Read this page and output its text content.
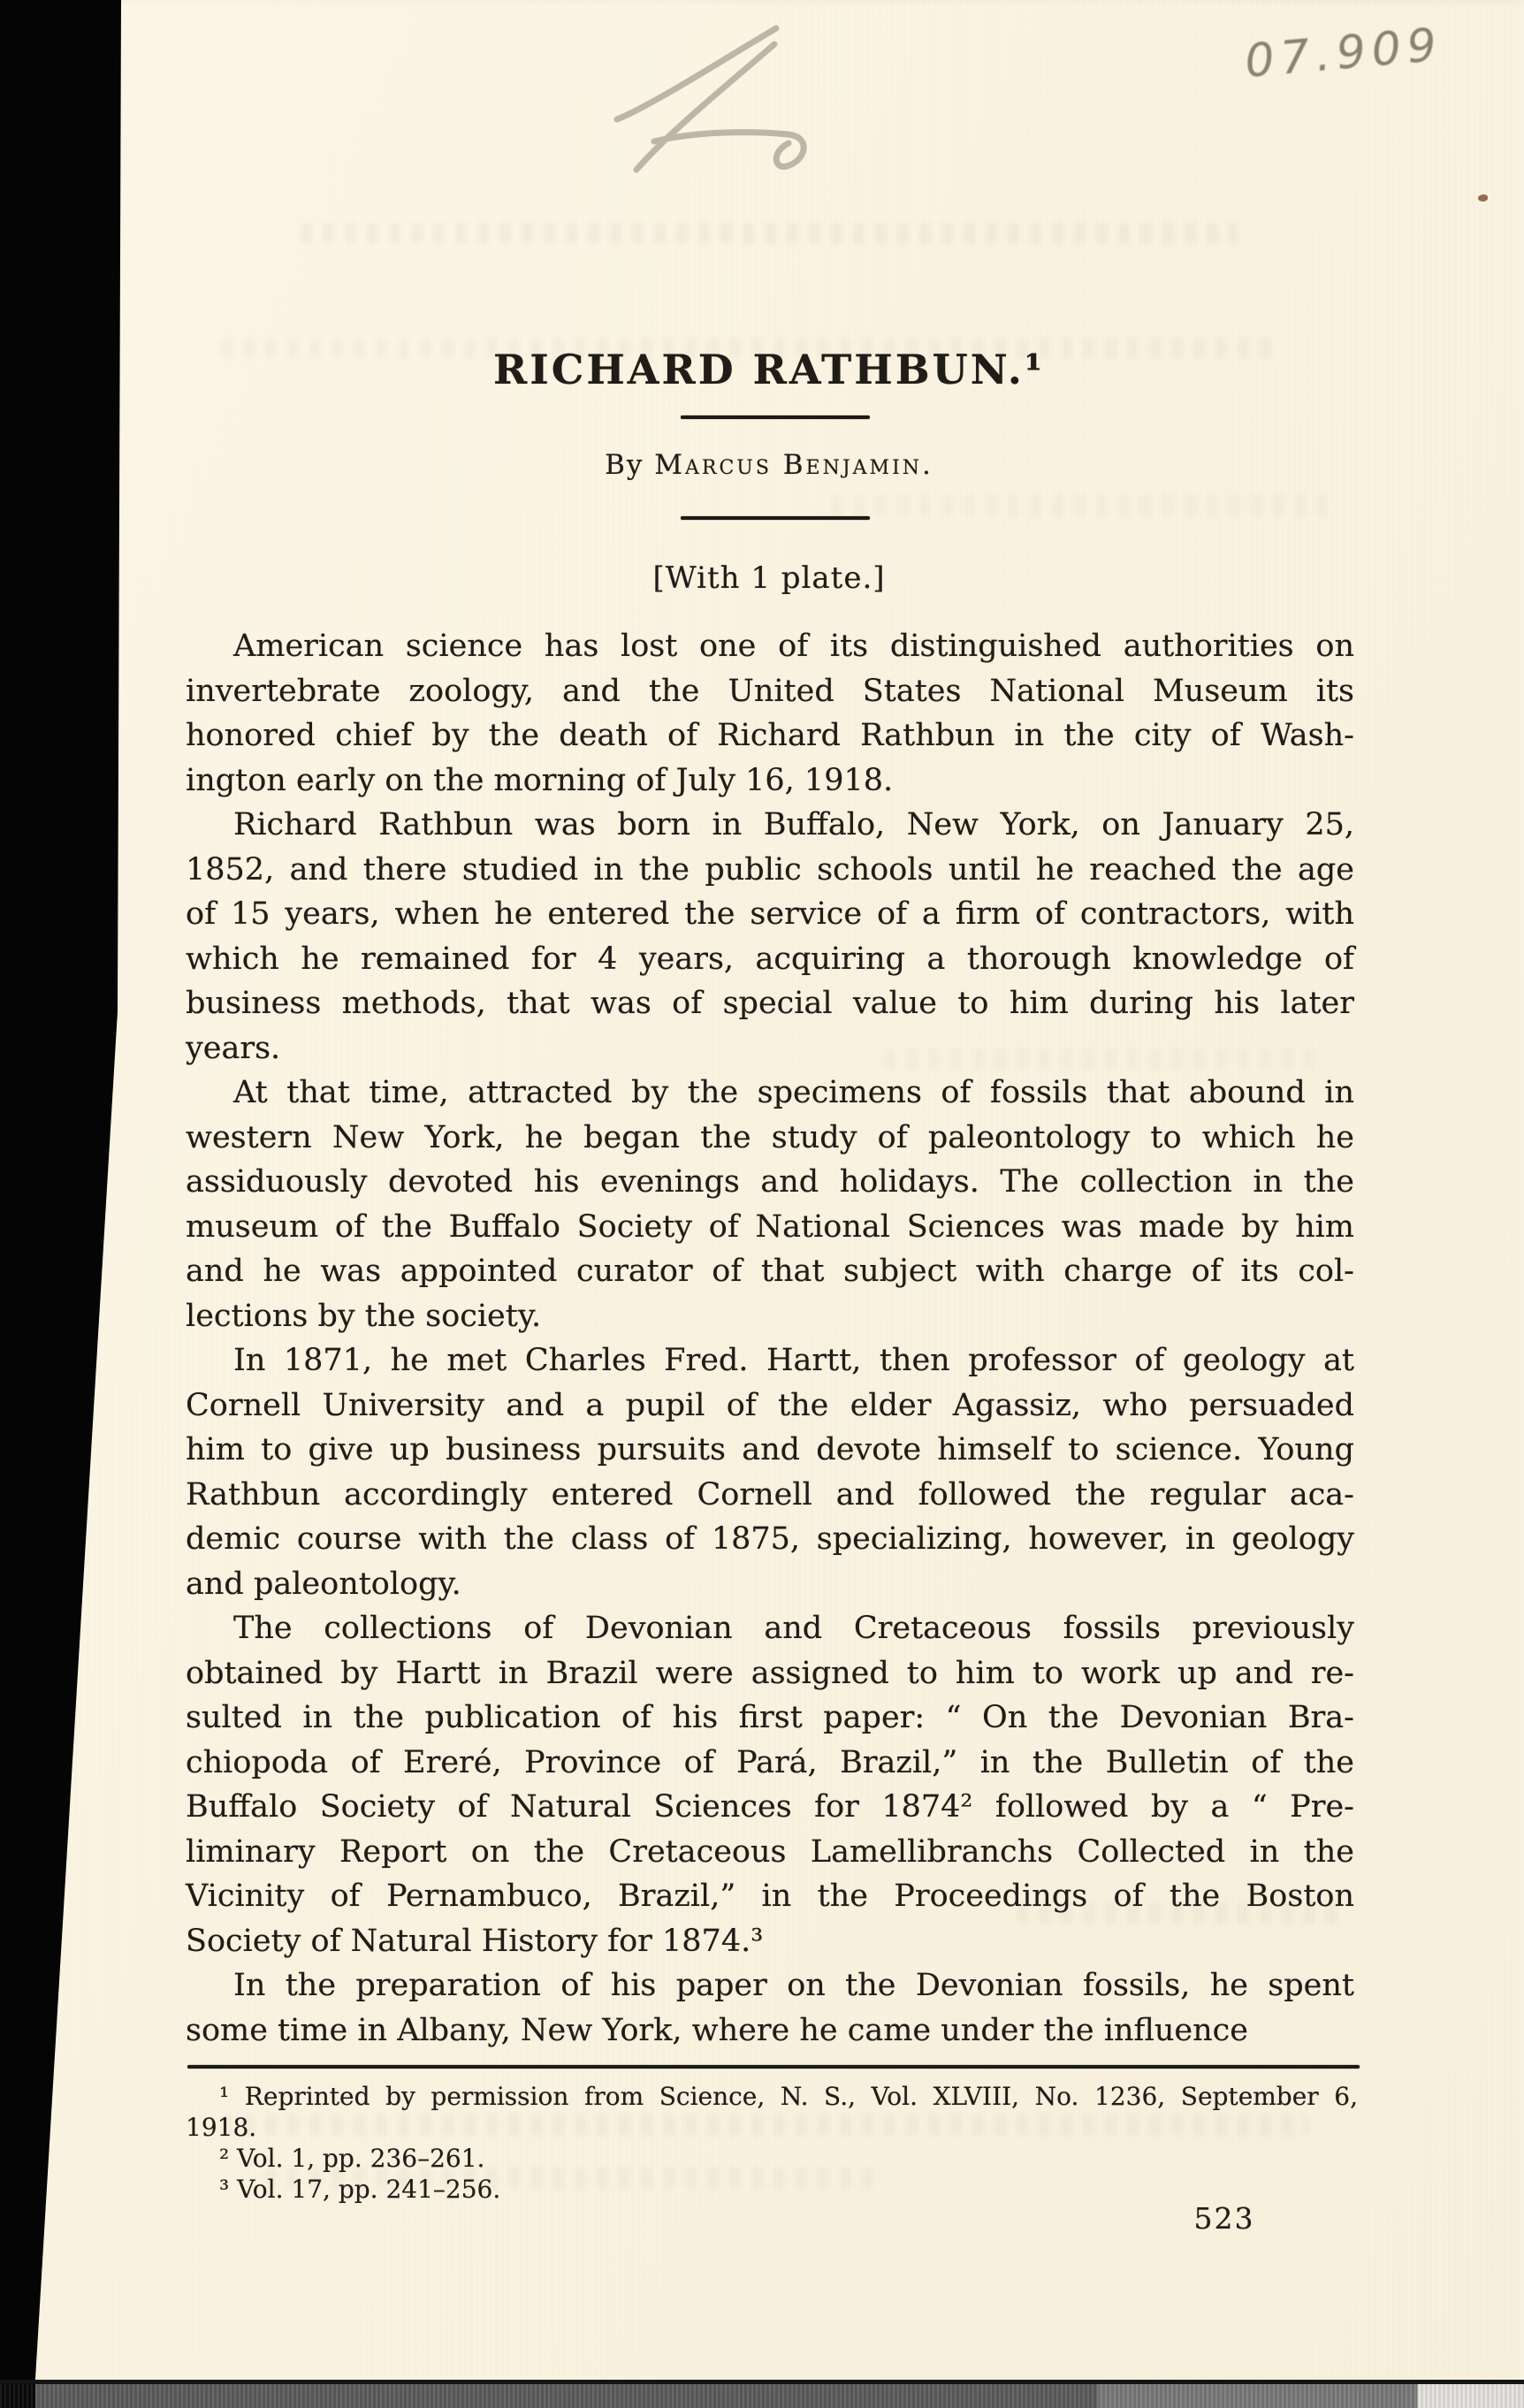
07.909
RICHARD RATHBUN.¹
By Marcus Benjamin.
[With 1 plate.]
American science has lost one of its distinguished authorities on
invertebrate zoology, and the United States National Museum its
honored chief by the death of Richard Rathbun in the city of Wash-
ington early on the morning of July 16, 1918.
Richard Rathbun was born in Buffalo, New York, on January 25,
1852, and there studied in the public schools until he reached the age
of 15 years, when he entered the service of a firm of contractors, with
which he remained for 4 years, acquiring a thorough knowledge of
business methods, that was of special value to him during his later
years.
At that time, attracted by the specimens of fossils that abound in
western New York, he began the study of paleontology to which he
assiduously devoted his evenings and holidays. The collection in the
museum of the Buffalo Society of National Sciences was made by him
and he was appointed curator of that subject with charge of its col-
lections by the society.
In 1871, he met Charles Fred. Hartt, then professor of geology at
Cornell University and a pupil of the elder Agassiz, who persuaded
him to give up business pursuits and devote himself to science. Young
Rathbun accordingly entered Cornell and followed the regular aca-
demic course with the class of 1875, specializing, however, in geology
and paleontology.
The collections of Devonian and Cretaceous fossils previously
obtained by Hartt in Brazil were assigned to him to work up and re-
sulted in the publication of his first paper: “ On the Devonian Bra-
chiopoda of Ereré, Province of Pará, Brazil,” in the Bulletin of the
Buffalo Society of Natural Sciences for 1874² followed by a “ Pre-
liminary Report on the Cretaceous Lamellibranchs Collected in the
Vicinity of Pernambuco, Brazil,” in the Proceedings of the Boston
Society of Natural History for 1874.³
In the preparation of his paper on the Devonian fossils, he spent
some time in Albany, New York, where he came under the influence
¹ Reprinted by permission from Science, N. S., Vol. XLVIII, No. 1236, September 6,
1918.
² Vol. 1, pp. 236–261.
³ Vol. 17, pp. 241–256.
523
